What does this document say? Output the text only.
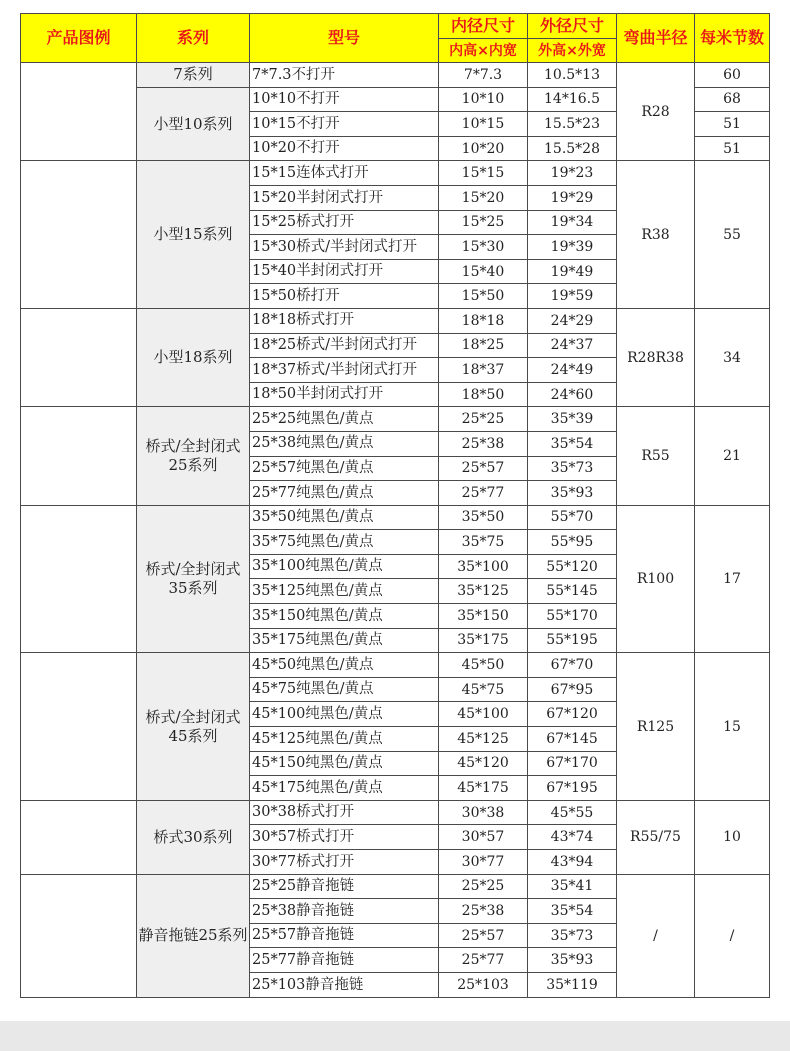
产品图例	系列	型号	内径尺寸	外径尺寸	弯曲半径	每米节数
			内高×内宽	外高×外宽		

	7系列	7*7.3不打开	7*7.3	10.5*13	R28	60
	小型10系列	10*10不打开	10*10	14*16.5		68
		10*15不打开	10*15	15.5*23		51
		10*20不打开	10*20	15.5*28		51

	小型15系列	15*15连体式打开	15*15	19*23	R38	55
		15*20半封闭式打开	15*20	19*29		
		15*25桥式打开	15*25	19*34		
		15*30桥式/半封闭式打开	15*30	19*39		
		15*40半封闭式打开	15*40	19*49		
		15*50桥打开	15*50	19*59		

	小型18系列	18*18桥式打开	18*18	24*29	R28R38	34
		18*25桥式/半封闭式打开	18*25	24*37		
		18*37桥式/半封闭式打开	18*37	24*49		
		18*50半封闭式打开	18*50	24*60		

	桥式/全封闭式25系列	25*25纯黑色/黄点	25*25	35*39	R55	21
		25*38纯黑色/黄点	25*38	35*54		
		25*57纯黑色/黄点	25*57	35*73		
		25*77纯黑色/黄点	25*77	35*93		

	桥式/全封闭式35系列	35*50纯黑色/黄点	35*50	55*70	R100	17
		35*75纯黑色/黄点	35*75	55*95		
		35*100纯黑色/黄点	35*100	55*120		
		35*125纯黑色/黄点	35*125	55*145		
		35*150纯黑色/黄点	35*150	55*170		
		35*175纯黑色/黄点	35*175	55*195		

	桥式/全封闭式45系列	45*50纯黑色/黄点	45*50	67*70	R125	15
		45*75纯黑色/黄点	45*75	67*95		
		45*100纯黑色/黄点	45*100	67*120		
		45*125纯黑色/黄点	45*125	67*145		
		45*150纯黑色/黄点	45*120	67*170		
		45*175纯黑色/黄点	45*175	67*195		

	桥式30系列	30*38桥式打开	30*38	45*55	R55/75	10
		30*57桥式打开	30*57	43*74		
		30*77桥式打开	30*77	43*94		

	静音拖链25系列	25*25静音拖链	25*25	35*41	/	/
		25*38静音拖链	25*38	35*54		
		25*57静音拖链	25*57	35*73		
		25*77静音拖链	25*77	35*93		
		25*103静音拖链	25*103	35*119		
